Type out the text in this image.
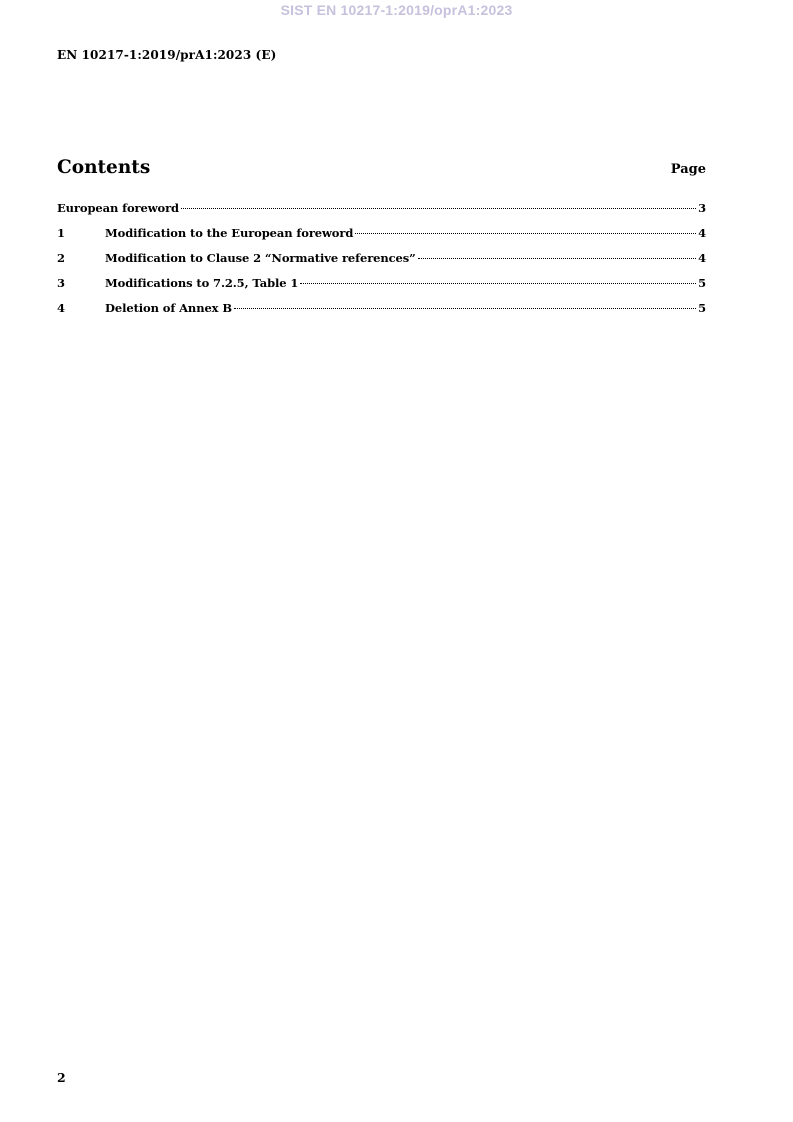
SIST EN 10217-1:2019/oprA1:2023
EN 10217-1:2019/prA1:2023 (E)
Contents	Page
European foreword	3
1	Modification to the European foreword	4
2	Modification to Clause 2 “Normative references”	4
3	Modifications to 7.2.5, Table 1	5
4	Deletion of Annex B	5
2
